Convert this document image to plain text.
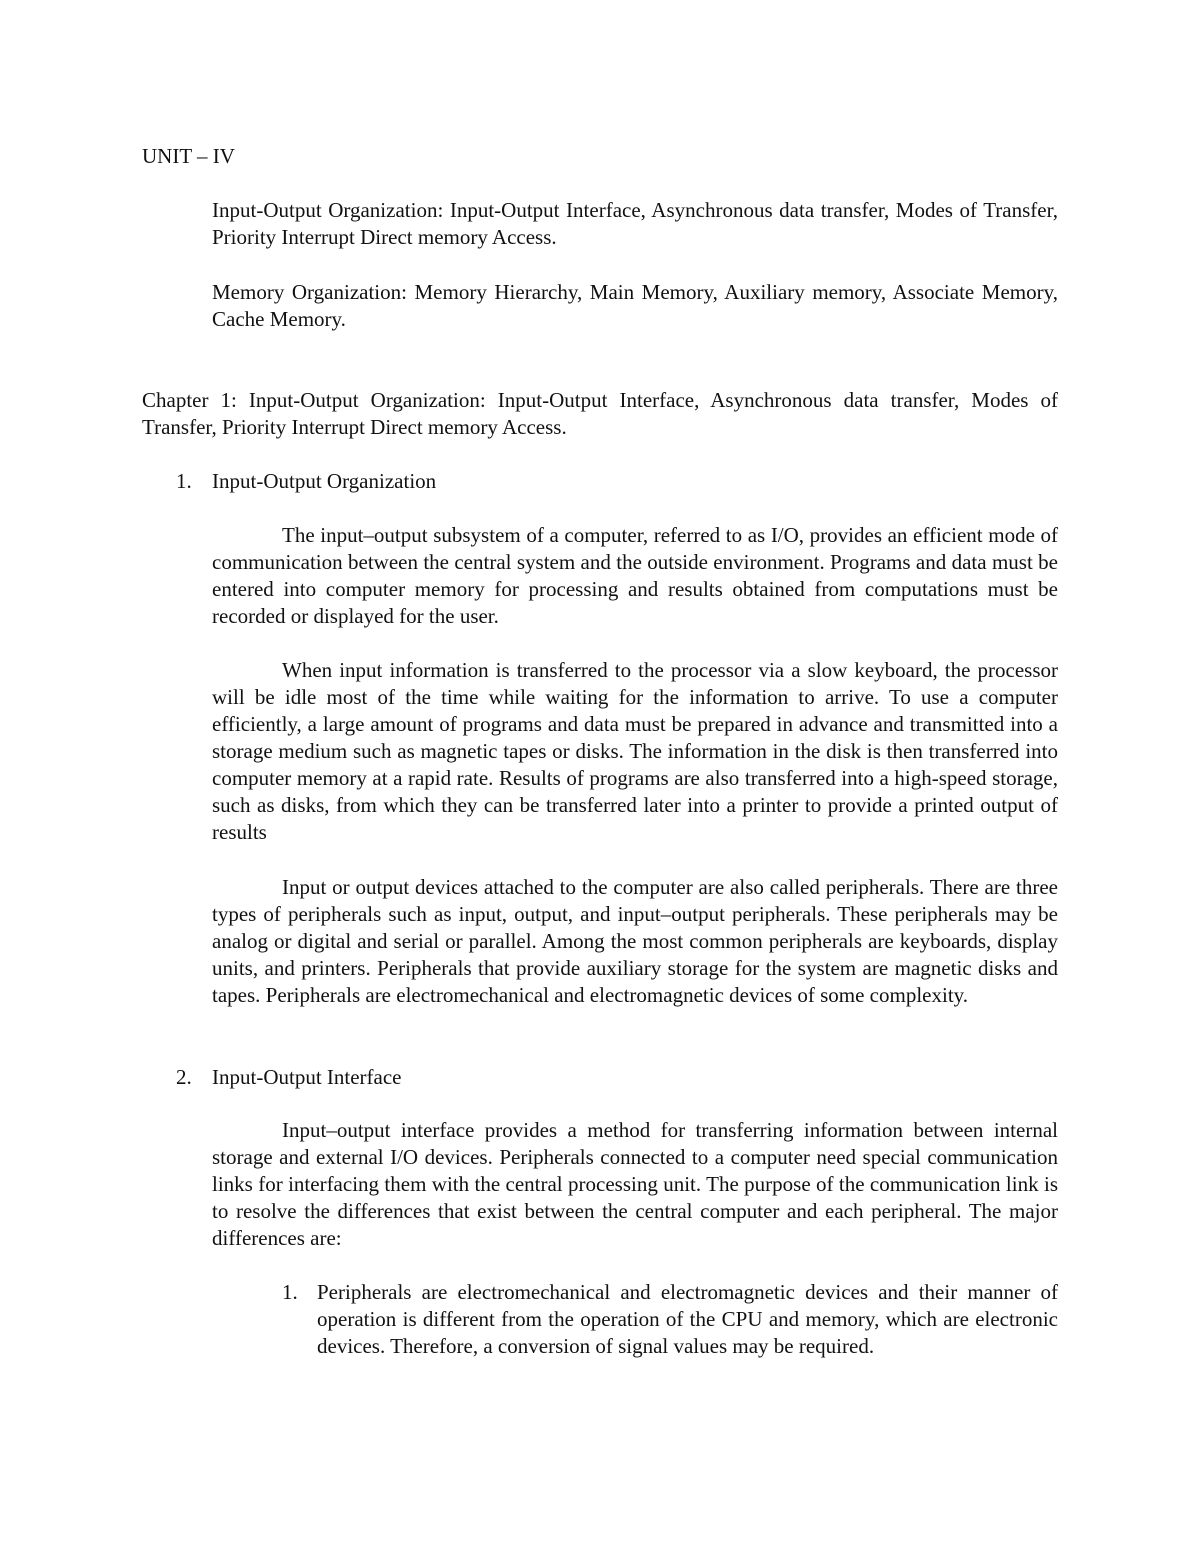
UNIT – IV

Input-Output Organization: Input-Output Interface, Asynchronous data transfer, Modes of Transfer, Priority Interrupt Direct memory Access.

Memory Organization: Memory Hierarchy, Main Memory, Auxiliary memory, Associate Memory, Cache Memory.

Chapter 1: Input-Output Organization: Input-Output Interface, Asynchronous data transfer, Modes of Transfer, Priority Interrupt Direct memory Access.

1. Input-Output Organization

The input–output subsystem of a computer, referred to as I/O, provides an efficient mode of communication between the central system and the outside environment. Programs and data must be entered into computer memory for processing and results obtained from computations must be recorded or displayed for the user.

When input information is transferred to the processor via a slow keyboard, the processor will be idle most of the time while waiting for the information to arrive. To use a computer efficiently, a large amount of programs and data must be prepared in advance and transmitted into a storage medium such as magnetic tapes or disks. The information in the disk is then transferred into computer memory at a rapid rate. Results of programs are also transferred into a high-speed storage, such as disks, from which they can be transferred later into a printer to provide a printed output of results

Input or output devices attached to the computer are also called peripherals. There are three types of peripherals such as input, output, and input–output peripherals. These peripherals may be analog or digital and serial or parallel. Among the most common peripherals are keyboards, display units, and printers. Peripherals that provide auxiliary storage for the system are magnetic disks and tapes. Peripherals are electromechanical and electromagnetic devices of some complexity.

2. Input-Output Interface

Input–output interface provides a method for transferring information between internal storage and external I/O devices. Peripherals connected to a computer need special communication links for interfacing them with the central processing unit. The purpose of the communication link is to resolve the differences that exist between the central computer and each peripheral. The major differences are:

1. Peripherals are electromechanical and electromagnetic devices and their manner of operation is different from the operation of the CPU and memory, which are electronic devices. Therefore, a conversion of signal values may be required.
